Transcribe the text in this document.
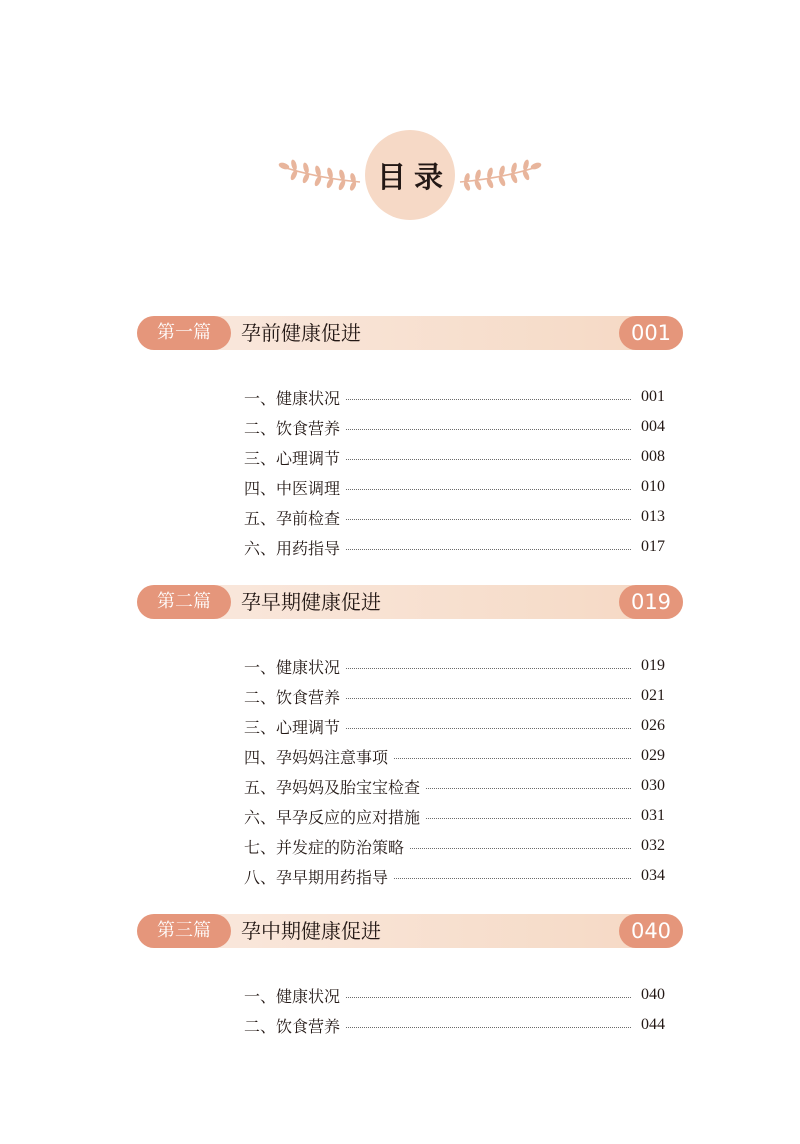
目录
第一篇	孕前健康促进	001
一、健康状况	001
二、饮食营养	004
三、心理调节	008
四、中医调理	010
五、孕前检查	013
六、用药指导	017
第二篇	孕早期健康促进	019
一、健康状况	019
二、饮食营养	021
三、心理调节	026
四、孕妈妈注意事项	029
五、孕妈妈及胎宝宝检查	030
六、早孕反应的应对措施	031
七、并发症的防治策略	032
八、孕早期用药指导	034
第三篇	孕中期健康促进	040
一、健康状况	040
二、饮食营养	044
